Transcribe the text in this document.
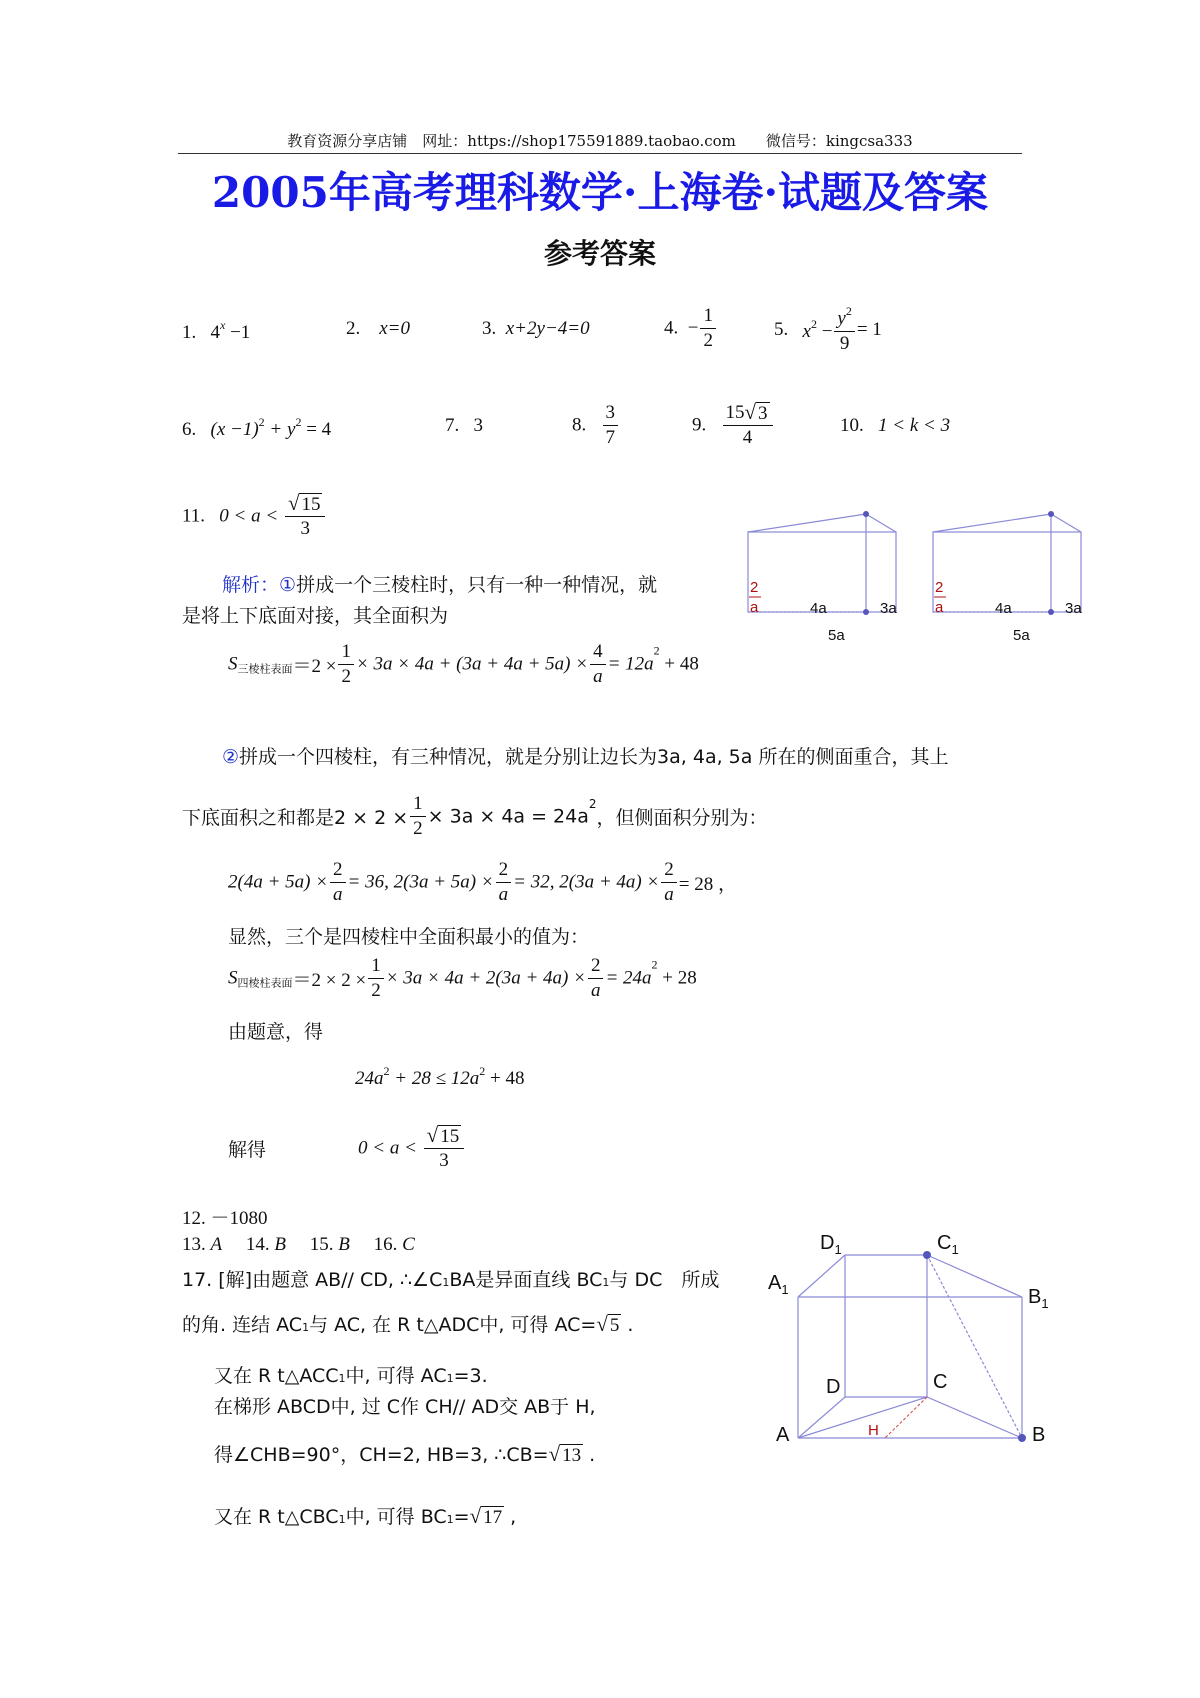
教育资源分享店铺　网址：https://shop175591889.taobao.com　　微信号：kingcsa333
2005年高考理科数学·上海卷·试题及答案
参考答案
1. $4^x -1$	2. x=0	3. x+2y−4=0	4. − $\frac{1}{2}$	5. $x^2 - \frac{y^2}{9} = 1$
6. $(x -1)^2 + y^2 = 4$	7. 3	8. $\frac{3}{7}$	9. $\frac{15 √ 3}{4}$	10. 1 < k < 3
11. $0 < a < \frac{√ 15}{3}$
解析：①拼成一个三棱柱时，只有一种一种情况，就
是将上下底面对接，其全面积为
$S_{三棱柱表面}=2 \times \frac{1}{2} \times 3a \times 4a + (3a + 4a + 5a) \times \frac{4}{a} = 12a^2 + 48$
②拼成一个四棱柱，有三种情况，就是分别让边长为3a, 4a, 5a 所在的侧面重合，其上
下底面积之和都是$2 \times 2 \times \frac{1}{2} \times 3a \times 4a = 24a^2$，但侧面积分别为：
$2(4a + 5a) \times \frac{2}{a} = 36$, $2(3a + 5a) \times \frac{2}{a} = 32$, $2(3a + 4a) \times \frac{2}{a} = 28$ ，
显然，三个是四棱柱中全面积最小的值为：
$S_{四棱柱表面}=2 \times 2 \times \frac{1}{2} \times 3a \times 4a + 2(3a + 4a) \times \frac{2}{a} = 24a^2 + 28$
由题意，得
$24a^2 + 28 \le 12a^2 + 48$
解得	$0 < a < \frac{√ 15}{3}$
12. －1080
13. A 14. B 15. B 16. C
17. [解]由题意 AB// CD, ∴∠C1BA是异面直线 BC1与 DC　所成
的角. 连结 AC1与 AC, 在 R t△ADC中, 可得 AC= √ 5 .
又在 R t△ACC1中, 可得 AC1=3.
在梯形 ABCD中, 过 C作 CH// AD交 AB于 H,
得∠CHB=90°，CH=2, HB=3, ∴CB= √ 13 .
又在 R t△CBC1中, 可得 BC1= √ 17 ,
2
a	4a	3a
5a
2
a	4a	3a
5a
$D_1$	$C_1$
$A_1$	$B_1$
D	C
A	B
H
